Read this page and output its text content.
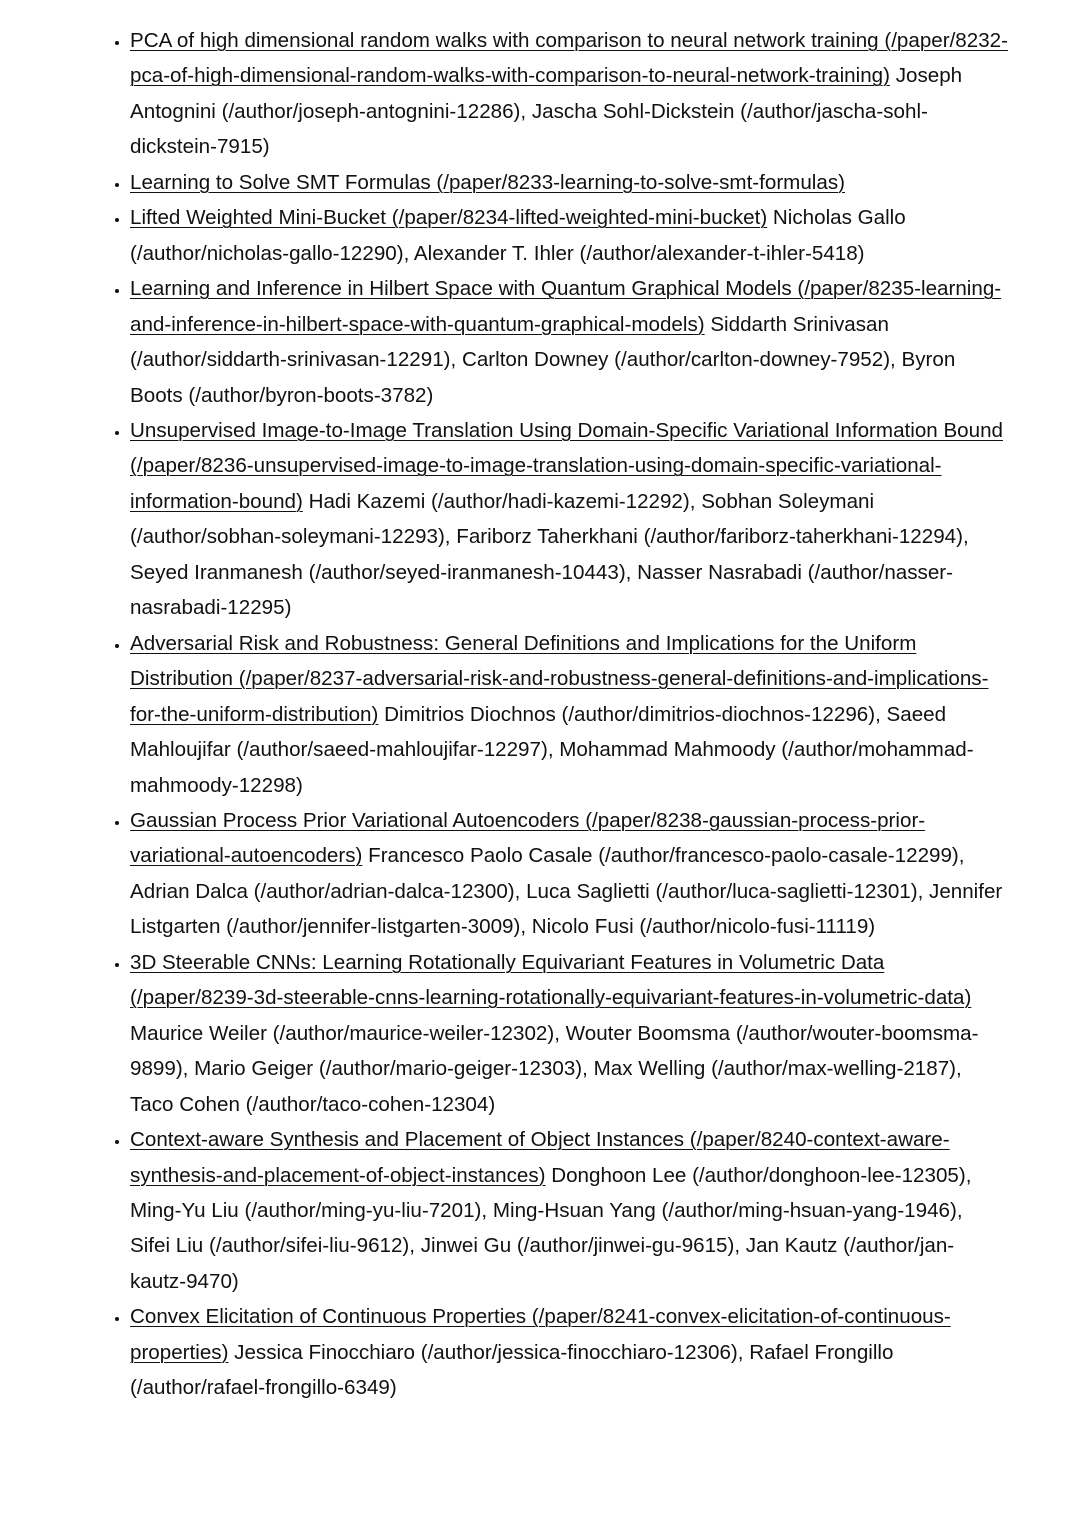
• PCA of high dimensional random walks with comparison to neural network training (/paper/8232-pca-of-high-dimensional-random-walks-with-comparison-to-neural-network-training) Joseph Antognini (/author/joseph-antognini-12286), Jascha Sohl-Dickstein (/author/jascha-sohl-dickstein-7915)
• Learning to Solve SMT Formulas (/paper/8233-learning-to-solve-smt-formulas)
• Lifted Weighted Mini-Bucket (/paper/8234-lifted-weighted-mini-bucket) Nicholas Gallo (/author/nicholas-gallo-12290), Alexander T. Ihler (/author/alexander-t-ihler-5418)
• Learning and Inference in Hilbert Space with Quantum Graphical Models (/paper/8235-learning-and-inference-in-hilbert-space-with-quantum-graphical-models) Siddarth Srinivasan (/author/siddarth-srinivasan-12291), Carlton Downey (/author/carlton-downey-7952), Byron Boots (/author/byron-boots-3782)
• Unsupervised Image-to-Image Translation Using Domain-Specific Variational Information Bound (/paper/8236-unsupervised-image-to-image-translation-using-domain-specific-variational-information-bound) Hadi Kazemi (/author/hadi-kazemi-12292), Sobhan Soleymani (/author/sobhan-soleymani-12293), Fariborz Taherkhani (/author/fariborz-taherkhani-12294), Seyed Iranmanesh (/author/seyed-iranmanesh-10443), Nasser Nasrabadi (/author/nasser-nasrabadi-12295)
• Adversarial Risk and Robustness: General Definitions and Implications for the Uniform Distribution (/paper/8237-adversarial-risk-and-robustness-general-definitions-and-implications-for-the-uniform-distribution) Dimitrios Diochnos (/author/dimitrios-diochnos-12296), Saeed Mahloujifar (/author/saeed-mahloujifar-12297), Mohammad Mahmoody (/author/mohammad-mahmoody-12298)
• Gaussian Process Prior Variational Autoencoders (/paper/8238-gaussian-process-prior-variational-autoencoders) Francesco Paolo Casale (/author/francesco-paolo-casale-12299), Adrian Dalca (/author/adrian-dalca-12300), Luca Saglietti (/author/luca-saglietti-12301), Jennifer Listgarten (/author/jennifer-listgarten-3009), Nicolo Fusi (/author/nicolo-fusi-11119)
• 3D Steerable CNNs: Learning Rotationally Equivariant Features in Volumetric Data (/paper/8239-3d-steerable-cnns-learning-rotationally-equivariant-features-in-volumetric-data) Maurice Weiler (/author/maurice-weiler-12302), Wouter Boomsma (/author/wouter-boomsma-9899), Mario Geiger (/author/mario-geiger-12303), Max Welling (/author/max-welling-2187), Taco Cohen (/author/taco-cohen-12304)
• Context-aware Synthesis and Placement of Object Instances (/paper/8240-context-aware-synthesis-and-placement-of-object-instances) Donghoon Lee (/author/donghoon-lee-12305), Ming-Yu Liu (/author/ming-yu-liu-7201), Ming-Hsuan Yang (/author/ming-hsuan-yang-1946), Sifei Liu (/author/sifei-liu-9612), Jinwei Gu (/author/jinwei-gu-9615), Jan Kautz (/author/jan-kautz-9470)
• Convex Elicitation of Continuous Properties (/paper/8241-convex-elicitation-of-continuous-properties) Jessica Finocchiaro (/author/jessica-finocchiaro-12306), Rafael Frongillo (/author/rafael-frongillo-6349)
